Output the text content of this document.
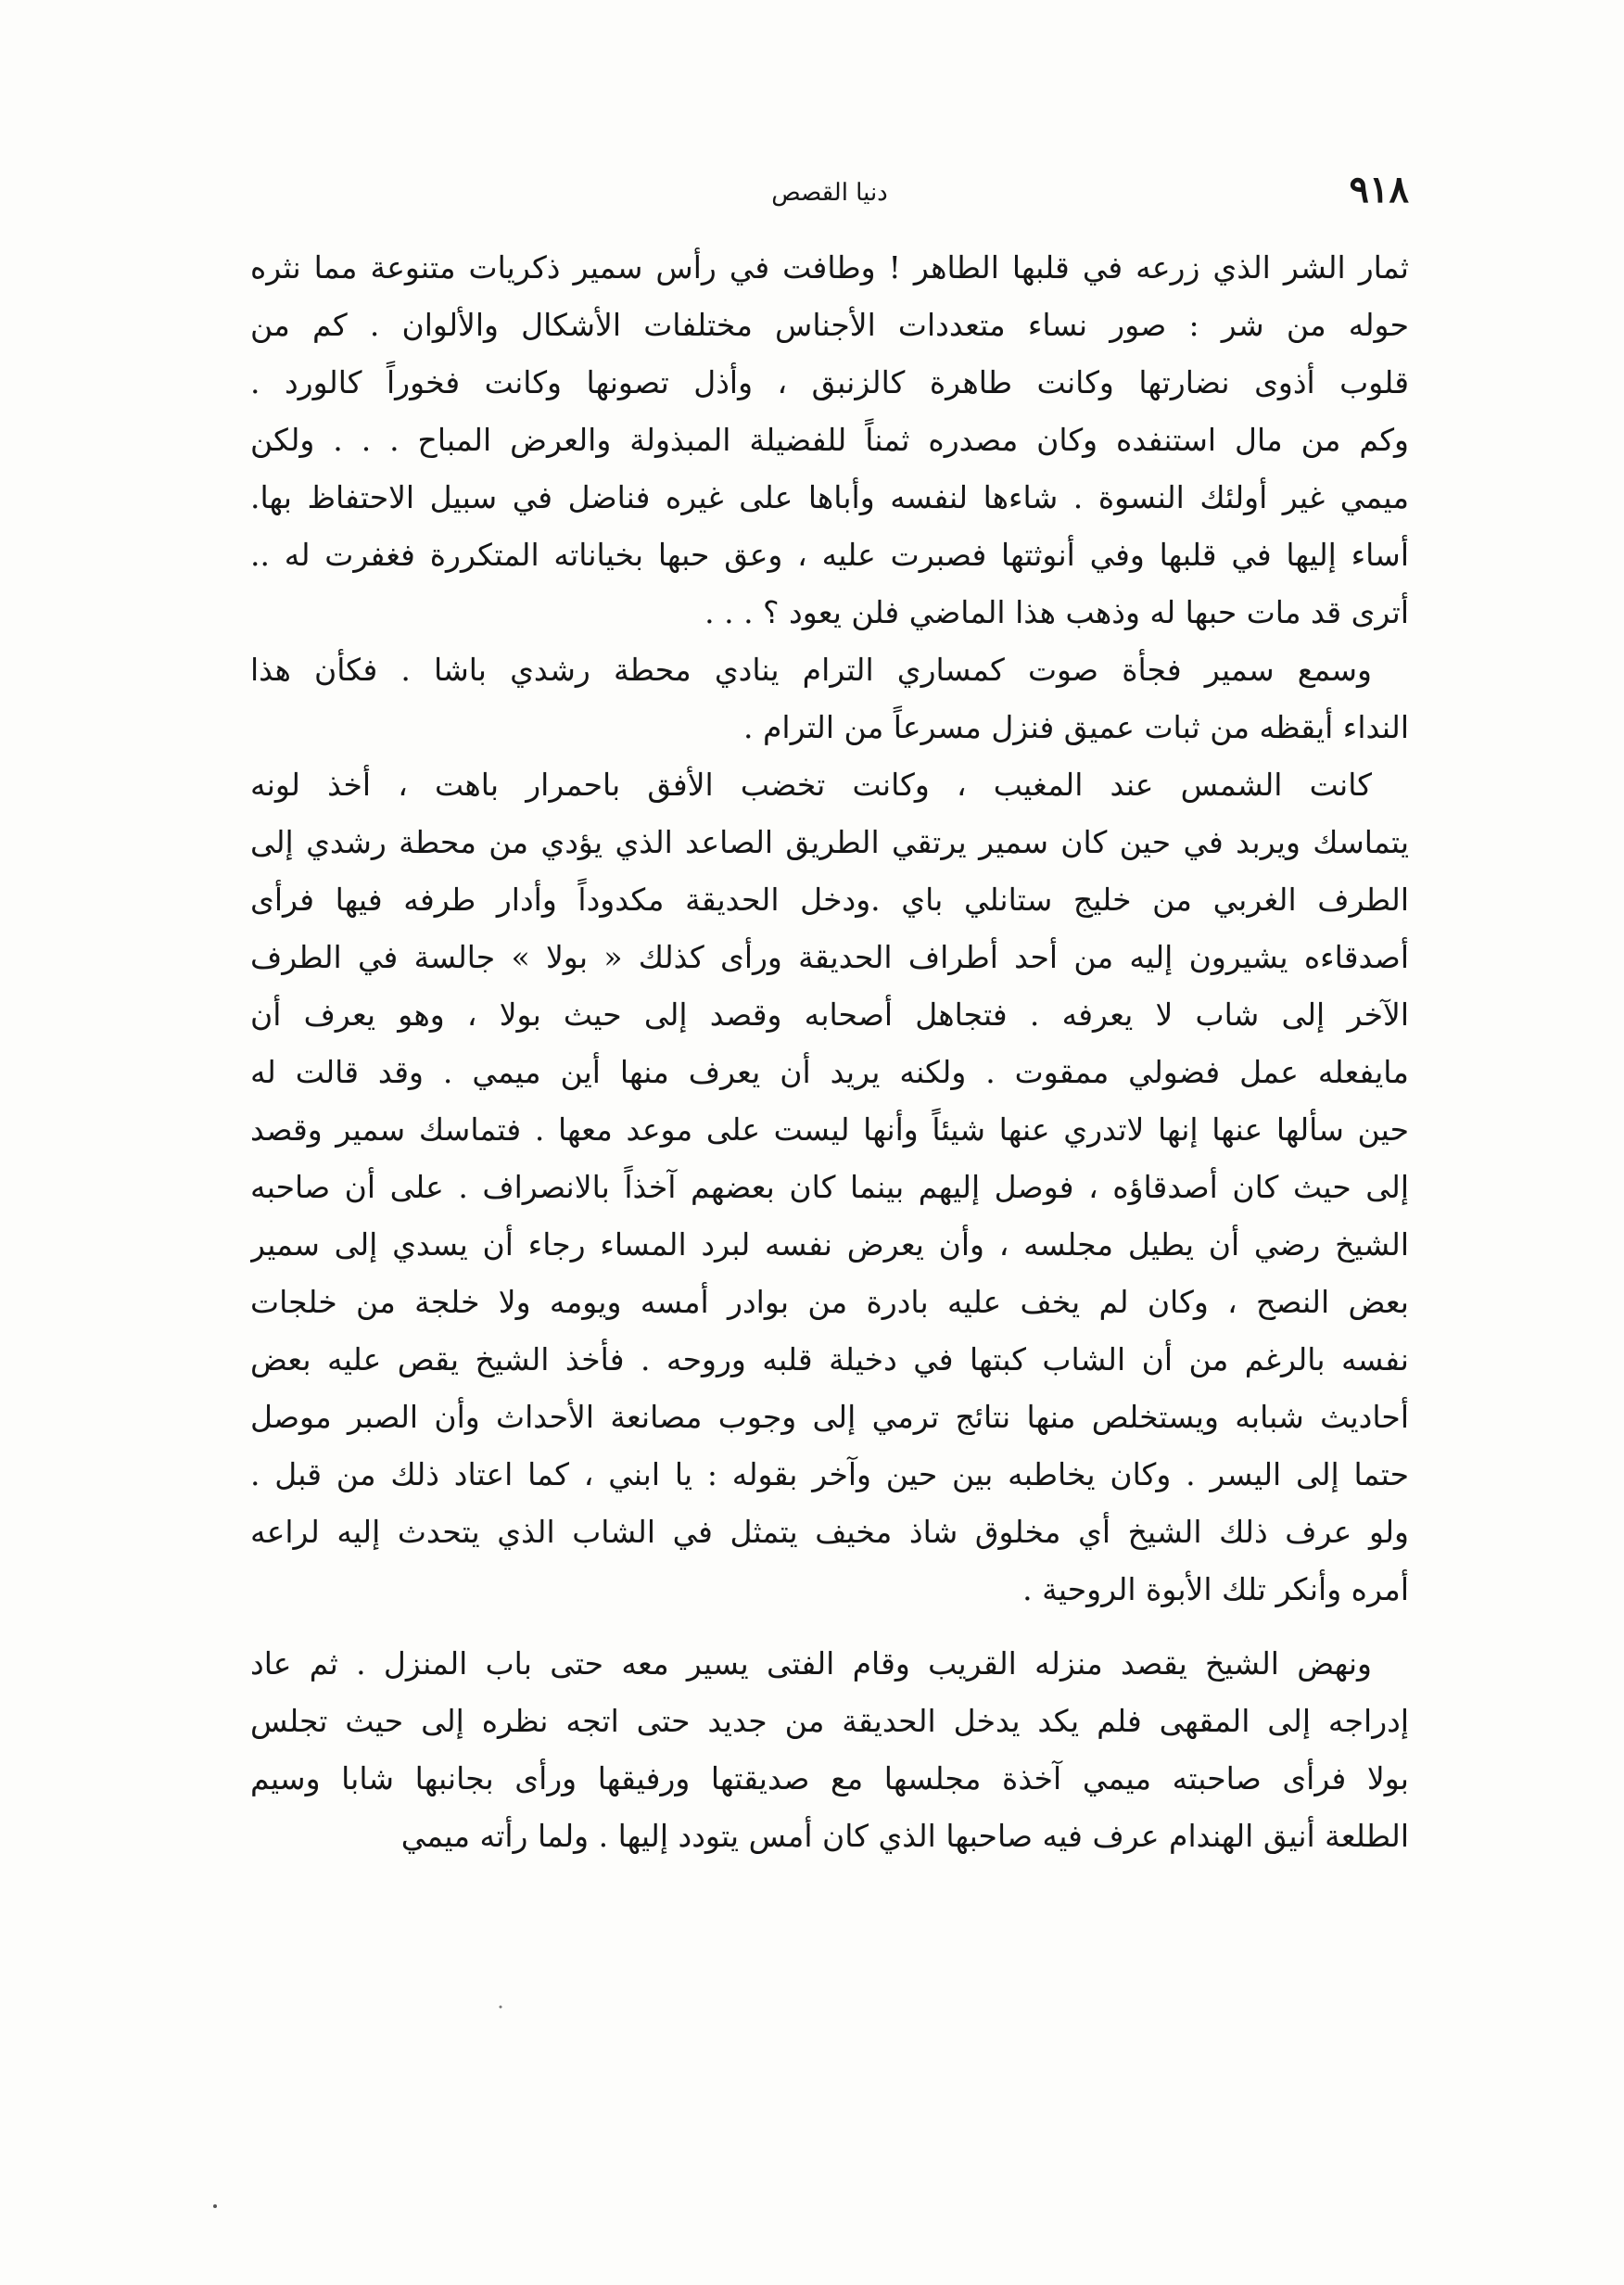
٩١٨
دنيا القصص
ثمار الشر الذي زرعه في قلبها الطاهر ! وطافت في رأس سمير ذكريات متنوعة مما نثره
حوله من شر : صور نساء متعددات الأجناس مختلفات الأشكال والألوان . كم من
قلوب أذوى نضارتها وكانت طاهرة كالزنبق ، وأذل تصونها وكانت فخوراً كالورد .
وكم من مال استنفده وكان مصدره ثمناً للفضيلة المبذولة والعرض المباح . . . ولكن
ميمي غير أولئك النسوة . شاءها لنفسه وأباها على غيره فناضل في سبيل الاحتفاظ بها.
أساء إليها في قلبها وفي أنوثتها فصبرت عليه ، وعق حبها بخياناته المتكررة فغفرت له ..
أترى قد مات حبها له وذهب هذا الماضي فلن يعود ؟ . . .
وسمع سمير فجأة صوت كمساري الترام ينادي محطة رشدي باشا . فكأن هذا
النداء أيقظه من ثبات عميق فنزل مسرعاً من الترام .
كانت الشمس عند المغيب ، وكانت تخضب الأفق باحمرار باهت ، أخذ لونه
يتماسك ويربد في حين كان سمير يرتقي الطريق الصاعد الذي يؤدي من محطة رشدي إلى
الطرف الغربي من خليج ستانلي باي .ودخل الحديقة مكدوداً وأدار طرفه فيها فرأى
أصدقاءه يشيرون إليه من أحد أطراف الحديقة ورأى كذلك « بولا » جالسة في الطرف
الآخر إلى شاب لا يعرفه . فتجاهل أصحابه وقصد إلى حيث بولا ، وهو يعرف أن
مايفعله عمل فضولي ممقوت . ولكنه يريد أن يعرف منها أين ميمي . وقد قالت له
حين سألها عنها إنها لاتدري عنها شيئاً وأنها ليست على موعد معها . فتماسك سمير وقصد
إلى حيث كان أصدقاؤه ، فوصل إليهم بينما كان بعضهم آخذاً بالانصراف . على أن صاحبه
الشيخ رضي أن يطيل مجلسه ، وأن يعرض نفسه لبرد المساء رجاء أن يسدي إلى سمير
بعض النصح ، وكان لم يخف عليه بادرة من بوادر أمسه ويومه ولا خلجة من خلجات
نفسه بالرغم من أن الشاب كبتها في دخيلة قلبه وروحه . فأخذ الشيخ يقص عليه بعض
أحاديث شبابه ويستخلص منها نتائج ترمي إلى وجوب مصانعة الأحداث وأن الصبر موصل
حتما إلى اليسر . وكان يخاطبه بين حين وآخر بقوله : يا ابني ، كما اعتاد ذلك من قبل .
ولو عرف ذلك الشيخ أي مخلوق شاذ مخيف يتمثل في الشاب الذي يتحدث إليه لراعه
أمره وأنكر تلك الأبوة الروحية .
ونهض الشيخ يقصد منزله القريب وقام الفتى يسير معه حتى باب المنزل . ثم عاد
إدراجه إلى المقهى فلم يكد يدخل الحديقة من جديد حتى اتجه نظره إلى حيث تجلس
بولا فرأى صاحبته ميمي آخذة مجلسها مع صديقتها ورفيقها ورأى بجانبها شابا وسيم
الطلعة أنيق الهندام عرف فيه صاحبها الذي كان أمس يتودد إليها . ولما رأته ميمي
